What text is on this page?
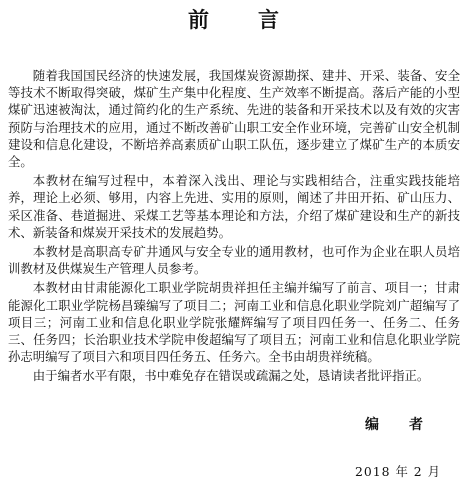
前　言

随着我国国民经济的快速发展，我国煤炭资源勘探、建井、开采、装备、安全等技术不断取得突破，煤矿生产集中化程度、生产效率不断提高。落后产能的小型煤矿迅速被淘汰，通过简约化的生产系统、先进的装备和开采技术以及有效的灾害预防与治理技术的应用，通过不断改善矿山职工安全作业环境，完善矿山安全机制建设和信息化建设，不断培养高素质矿山职工队伍，逐步建立了煤矿生产的本质安全。

本教材在编写过程中，本着深入浅出、理论与实践相结合，注重实践技能培养，理论上必须、够用，内容上先进、实用的原则，阐述了井田开拓、矿山压力、采区准备、巷道掘进、采煤工艺等基本理论和方法，介绍了煤矿建设和生产的新技术、新装备和煤炭开采技术的发展趋势。

本教材是高职高专矿井通风与安全专业的通用教材，也可作为企业在职人员培训教材及供煤炭生产管理人员参考。

本教材由甘肃能源化工职业学院胡贵祥担任主编并编写了前言、项目一；甘肃能源化工职业学院杨昌臻编写了项目二；河南工业和信息化职业学院刘广超编写了项目三；河南工业和信息化职业学院张耀辉编写了项目四任务一、任务二、任务三、任务四；长治职业技术学院申俊超编写了项目五；河南工业和信息化职业学院孙志明编写了项目六和项目四任务五、任务六。全书由胡贵祥统稿。

由于编者水平有限，书中难免存在错误或疏漏之处，恳请读者批评指正。

编　者
2018 年 2 月
